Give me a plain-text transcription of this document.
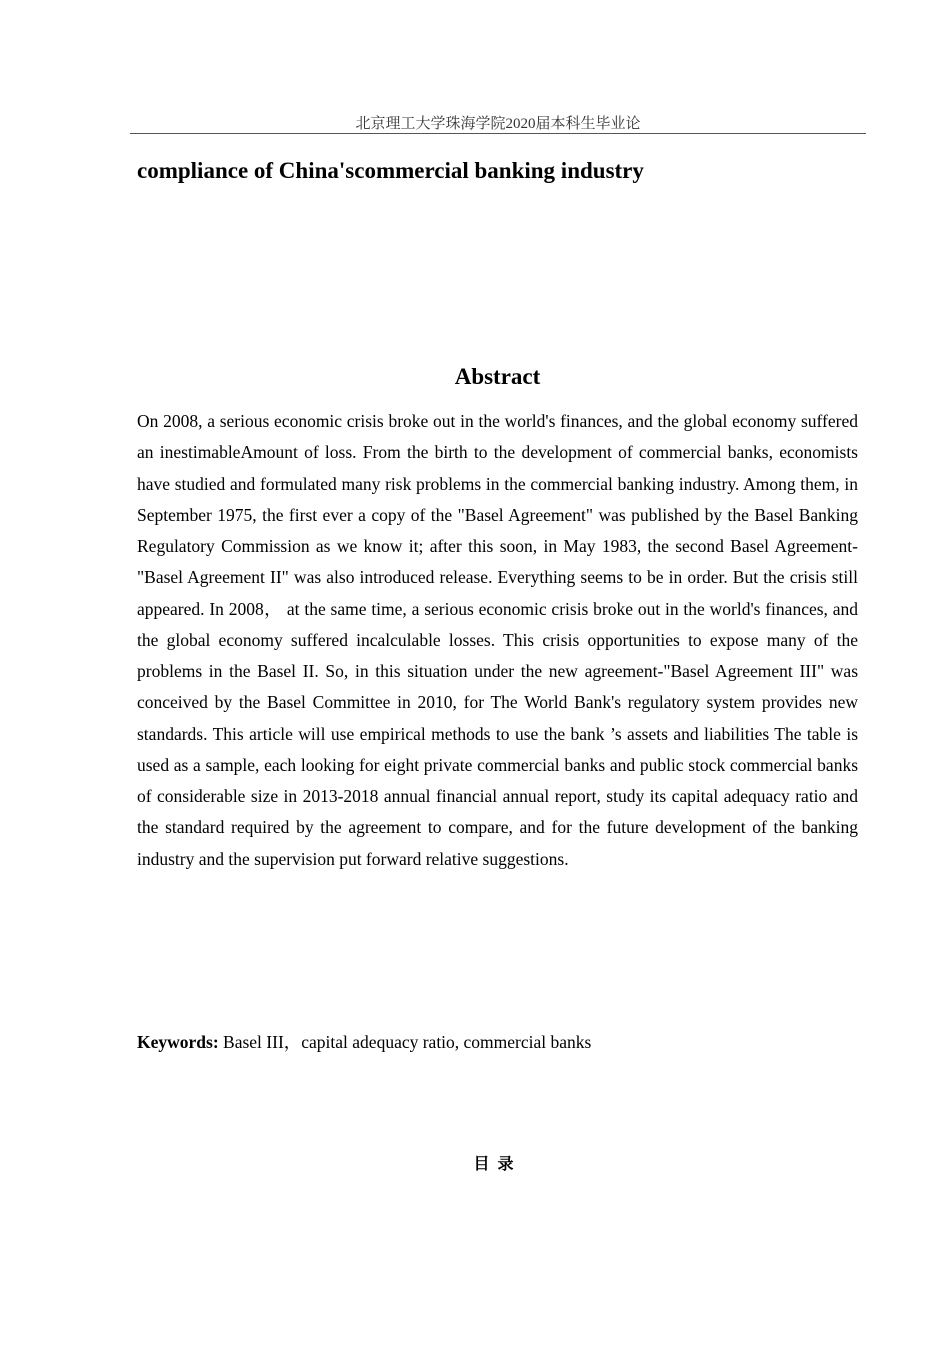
北京理工大学珠海学院2020届本科生毕业论
compliance of China'scommercial banking industry
Abstract

On 2008, a serious economic crisis broke out in the world's finances, and the global economy suffered an inestimableAmount of loss. From the birth to the development of commercial banks, economists have studied and formulated many risk problems in the commercial banking industry. Among them, in September 1975, the first ever a copy of the "Basel Agreement" was published by the Basel Banking Regulatory Commission as we know it; after this soon, in May 1983, the second Basel Agreement-"Basel Agreement II" was also introduced release. Everything seems to be in order. But the crisis still appeared. In 2008， at the same time, a serious economic crisis broke out in the world's finances, and the global economy suffered incalculable losses. This crisis opportunities to expose many of the problems in the Basel II. So, in this situation under the new agreement-"Basel Agreement III" was conceived by the Basel Committee in 2010, for The World Bank's regulatory system provides new standards. This article will use empirical methods to use the bank ’s assets and liabilities The table is used as a sample, each looking for eight private commercial banks and public stock commercial banks of considerable size in 2013-2018 annual financial annual report, study its capital adequacy ratio and the standard required by the agreement to compare, and for the future development of the banking industry and the supervision put forward relative suggestions.

Keywords: Basel III，capital adequacy ratio, commercial banks
目录
